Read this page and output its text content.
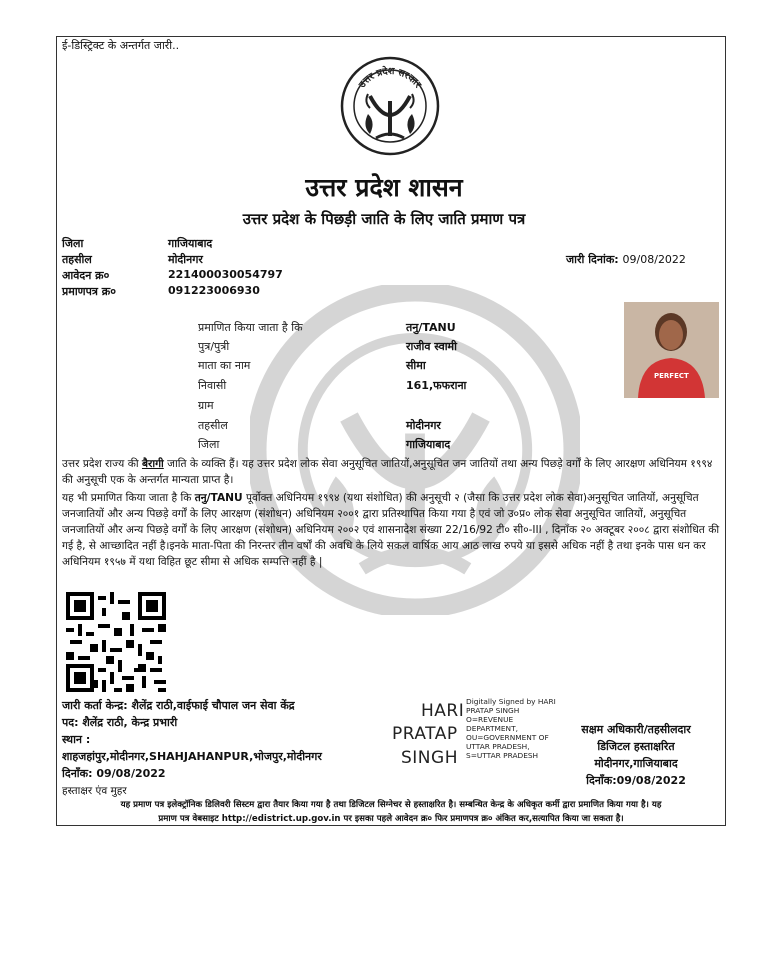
ई-डिस्ट्रिक्ट के अन्तर्गत जारी..
उत्तर प्रदेश सरकार
उत्तर प्रदेश शासन
उत्तर प्रदेश के पिछड़ी जाति के लिए जाति प्रमाण पत्र
जिला	गाजियाबाद
तहसील	मोदीनगर
आवेदन क्र०	221400030054797
प्रमाणपत्र क्र०	091223006930
जारी दिनांक: 09/08/2022
PERFECT
प्रमाणित किया जाता है कि	तनु/TANU
पुत्र/पुत्री	राजीव स्वामी
माता का नाम	सीमा
निवासी	161,फफराना
ग्राम
तहसील	मोदीनगर
जिला	गाजियाबाद
उत्तर प्रदेश राज्य की बैरागी जाति के व्यक्ति हैं। यह उत्तर प्रदेश लोक सेवा अनुसूचित जातियों,अनुसूचित जन जातियों तथा अन्य पिछड़े वर्गों के लिए आरक्षण अधिनियम १९९४ की अनुसूची एक के अन्तर्गत मान्यता प्राप्त है।
यह भी प्रमाणित किया जाता है कि तनु/TANU पूर्वोक्त अधिनियम १९९४ (यथा संशोधित) की अनुसूची २ (जैसा कि उत्तर प्रदेश लोक सेवा)अनुसूचित जातियों, अनुसूचित जनजातियों और अन्य पिछड़े वर्गों के लिए आरक्षण (संशोधन) अधिनियम २००१ द्वारा प्रतिस्थापित किया गया है एवं जो उ०प्र० लोक सेवा अनुसूचित जातियों, अनुसूचित जनजातियों और अन्य पिछड़े वर्गों के लिए आरक्षण (संशोधन) अधिनियम २००२ एवं शासनादेश संख्या 22/16/92 टी० सी०-III , दिनाँक २० अक्टूबर २००८ द्वारा संशोधित की गई है, से आच्छादित नहीं है।इनके माता-पिता की निरन्तर तीन वर्षों की अवधि के लिये सकल वार्षिक आय आठ लाख रुपये या इससे अधिक नहीं है तथा इनके पास धन कर अधिनियम १९५७ में यथा विहित छूट सीमा से अधिक सम्पत्ति नहीं है |
जारी कर्ता केन्द्र: शैलेंद्र राठी,वाईफाई चौपाल जन सेवा केंद्र
पद: शैलेंद्र राठी, केन्द्र प्रभारी
स्थान :
शाहजहांपुर,मोदीनगर,SHAHJAHANPUR,भोजपुर,मोदीनगर
दिनाँक: 09/08/2022
हस्ताक्षर एंव मुहर
HARI
PRATAP
SINGH
Digitally Signed by HARI
PRATAP SINGH
O=REVENUE
DEPARTMENT,
OU=GOVERNMENT OF
UTTAR PRADESH,
S=UTTAR PRADESH
सक्षम अधिकारी/तहसीलदार
डिजिटल हस्ताक्षरित
मोदीनगर,गाजियाबाद
दिनाँक:09/08/2022
यह प्रमाण पत्र इलेक्ट्रॉनिक डिलिवरी सिस्टम द्वारा तैयार किया गया है तथा डिजिटल सिग्नेचर से हस्ताक्षरित है। सम्बन्धित केन्द्र के अधिकृत कर्मी द्वारा प्रमाणित किया गया है। यह
प्रमाण पत्र वेबसाइट http://edistrict.up.gov.in पर इसका पहले आवेदन क्र० फिर प्रमाणपत्र क्र० अंकित कर,सत्यापित किया जा सकता है।
